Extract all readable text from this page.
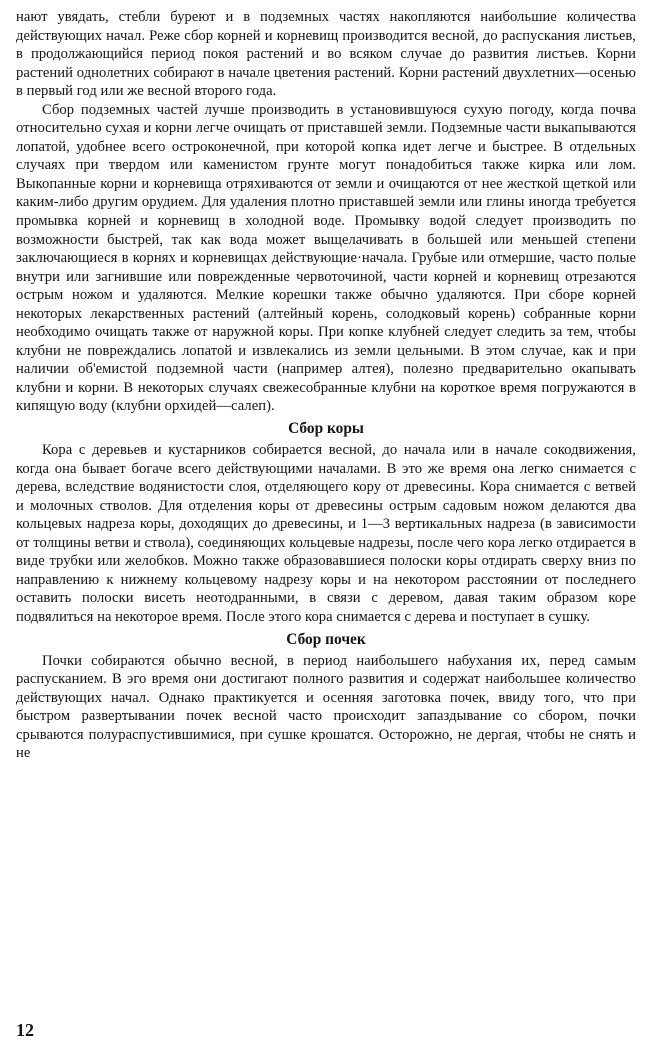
нают увядать, стебли буреют и в подземных частях накопляются наибольшие количества действующих начал. Реже сбор корней и корневищ производится весной, до распускания листьев, в продолжающийся период покоя растений и во всяком случае до развития листьев. Корни растений однолетних собирают в начале цветения растений. Корни растений двухлетних—осенью в первый год или же весной второго года.

Сбор подземных частей лучше производить в установившуюся сухую погоду, когда почва относительно сухая и корни легче очищать от приставшей земли. Подземные части выкапываются лопатой, удобнее всего остроконечной, при которой копка идет легче и быстрее. В отдельных случаях при твердом или каменистом грунте могут понадобиться также кирка или лом. Выкопанные корни и корневища отряхиваются от земли и очищаются от нее жесткой щеткой или каким-либо другим орудием. Для удаления плотно приставшей земли или глины иногда требуется промывка корней и корневищ в холодной воде. Промывку водой следует производить по возможности быстрей, так как вода может выщелачивать в большей или меньшей степени заключающиеся в корнях и корневищах действующие·начала. Грубые или отмершие, часто полые внутри или загнившие или поврежденные червоточиной, части корней и корневищ отрезаются острым ножом и удаляются. Мелкие корешки также обычно удаляются. При сборе корней некоторых лекарственных растений (алтейный корень, солодковый корень) собранные корни необходимо очищать также от наружной коры. При копке клубней следует следить за тем, чтобы клубни не повреждались лопатой и извлекались из земли цельными. В этом случае, как и при наличии об'емистой подземной части (например алтея), полезно предварительно окапывать клубни и корни. В некоторых случаях свежесобранные клубни на короткое время погружаются в кипящую воду (клубни орхидей—салеп).

Сбор коры

Кора с деревьев и кустарников собирается весной, до начала или в начале сокодвижения, когда она бывает богаче всего действующими началами. В это же время она легко снимается с дерева, вследствие водянистости слоя, отделяющего кору от древесины. Кора снимается с ветвей и молочных стволов. Для отделения коры от древесины острым садовым ножом делаются два кольцевых надреза коры, доходящих до древесины, и 1—3 вертикальных надреза (в зависимости от толщины ветви и ствола), соединяющих кольцевые надрезы, после чего кора легко отдирается в виде трубки или желобков. Можно также образовавшиеся полоски коры отдирать сверху вниз по направлению к нижнему кольцевому надрезу коры и на некотором расстоянии от последнего оставить полоски висеть неотодранными, в связи с деревом, давая таким образом коре подвялиться на некоторое время. После этого кора снимается с дерева и поступает в сушку.

Сбор почек

Почки собираются обычно весной, в период наибольшего набухания их, перед самым распусканием. В эго время они достигают полного развития и содержат наибольшее количество действующих начал. Однако практикуется и осенняя заготовка почек, ввиду того, что при быстром развертывании почек весной часто происходит запаздывание со сбором, почки срываются полураспустившимися, при сушке крошатся. Осторожно, не дергая, чтобы не снять и не

12
